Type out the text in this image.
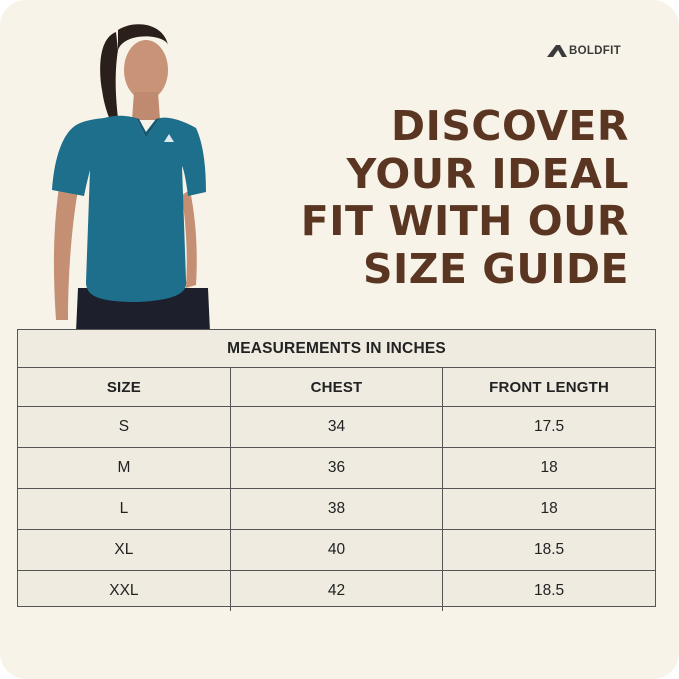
BOLDFIT
DISCOVER
YOUR IDEAL
FIT WITH OUR
SIZE GUIDE
MEASUREMENTS IN INCHES		
SIZE	CHEST	FRONT LENGTH
S	34	17.5
M	36	18
L	38	18
XL	40	18.5
XXL	42	18.5
